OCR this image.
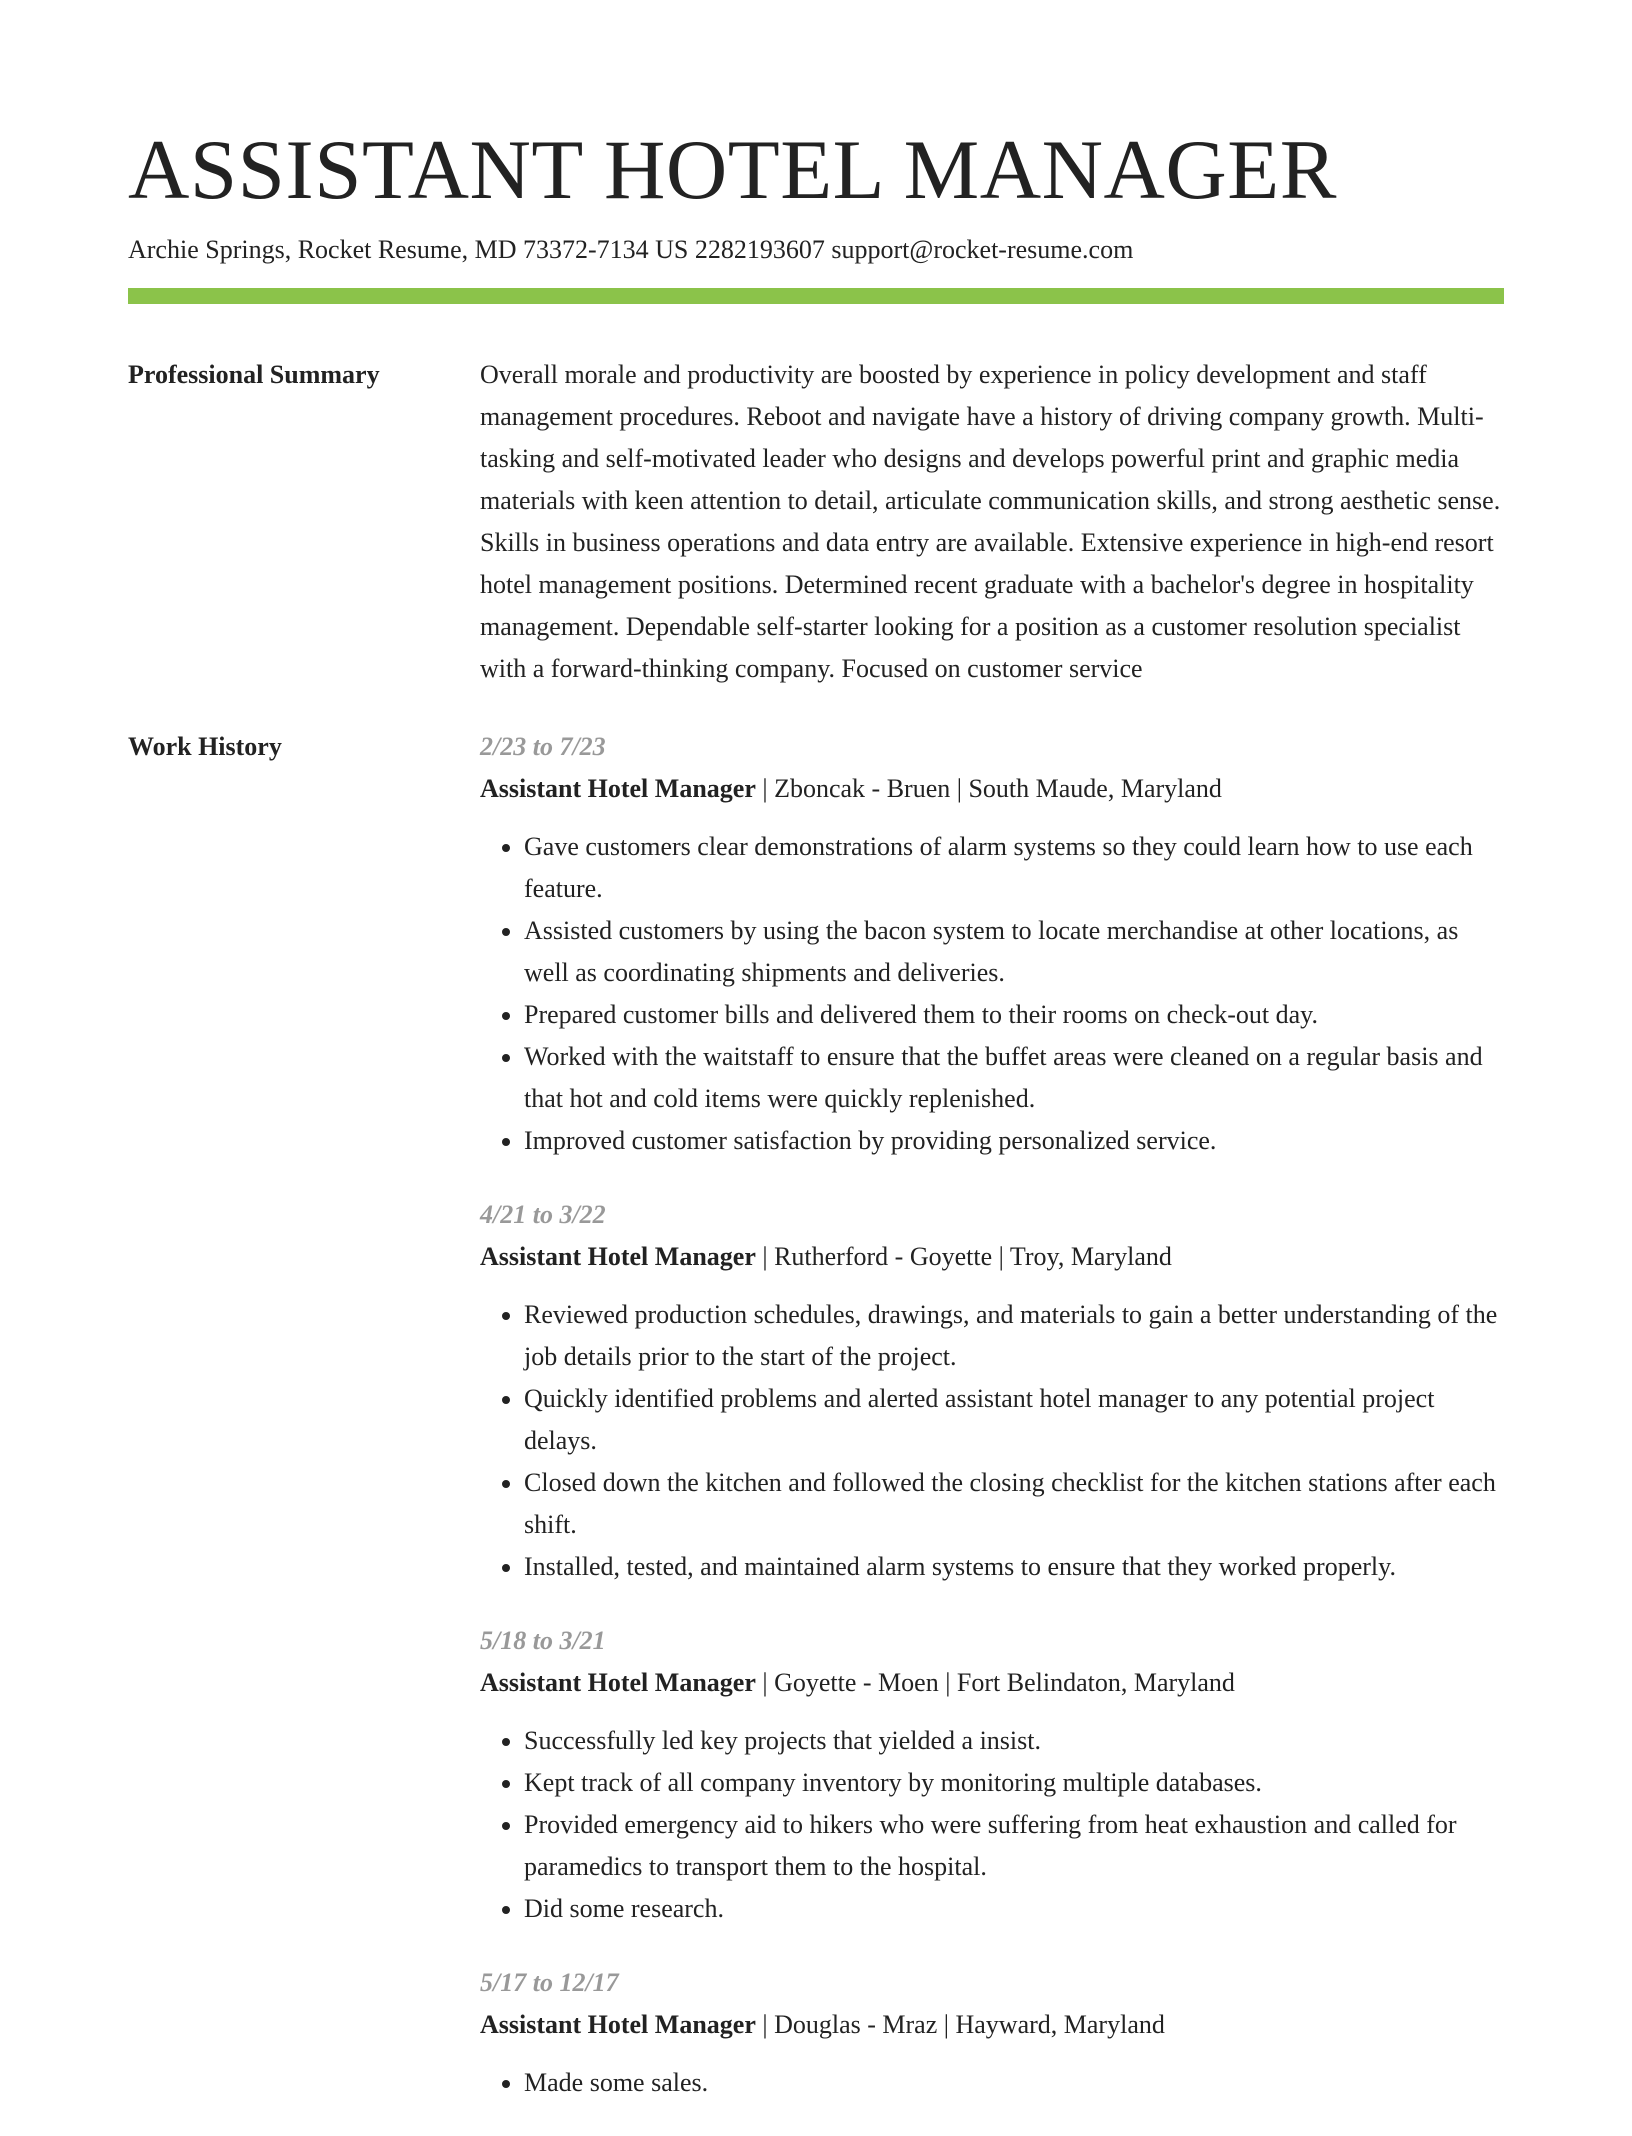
ASSISTANT HOTEL MANAGER
Archie Springs, Rocket Resume, MD 73372-7134 US 2282193607 support@rocket-resume.com
Professional Summary	Overall morale and productivity are boosted by experience in policy development and staff management procedures. Reboot and navigate have a history of driving company growth. Multi-tasking and self-motivated leader who designs and develops powerful print and graphic media materials with keen attention to detail, articulate communication skills, and strong aesthetic sense. Skills in business operations and data entry are available. Extensive experience in high-end resort hotel management positions. Determined recent graduate with a bachelor's degree in hospitality management. Dependable self-starter looking for a position as a customer resolution specialist with a forward-thinking company. Focused on customer service

Work History	2/23 to 7/23
Assistant Hotel Manager | Zboncak - Bruen | South Maude, Maryland
• Gave customers clear demonstrations of alarm systems so they could learn how to use each feature.
• Assisted customers by using the bacon system to locate merchandise at other locations, as well as coordinating shipments and deliveries.
• Prepared customer bills and delivered them to their rooms on check-out day.
• Worked with the waitstaff to ensure that the buffet areas were cleaned on a regular basis and that hot and cold items were quickly replenished.
• Improved customer satisfaction by providing personalized service.
4/21 to 3/22
Assistant Hotel Manager | Rutherford - Goyette | Troy, Maryland
• Reviewed production schedules, drawings, and materials to gain a better understanding of the job details prior to the start of the project.
• Quickly identified problems and alerted assistant hotel manager to any potential project delays.
• Closed down the kitchen and followed the closing checklist for the kitchen stations after each shift.
• Installed, tested, and maintained alarm systems to ensure that they worked properly.
5/18 to 3/21
Assistant Hotel Manager | Goyette - Moen | Fort Belindaton, Maryland
• Successfully led key projects that yielded a insist.
• Kept track of all company inventory by monitoring multiple databases.
• Provided emergency aid to hikers who were suffering from heat exhaustion and called for paramedics to transport them to the hospital.
• Did some research.
5/17 to 12/17
Assistant Hotel Manager | Douglas - Mraz | Hayward, Maryland
• Made some sales.
